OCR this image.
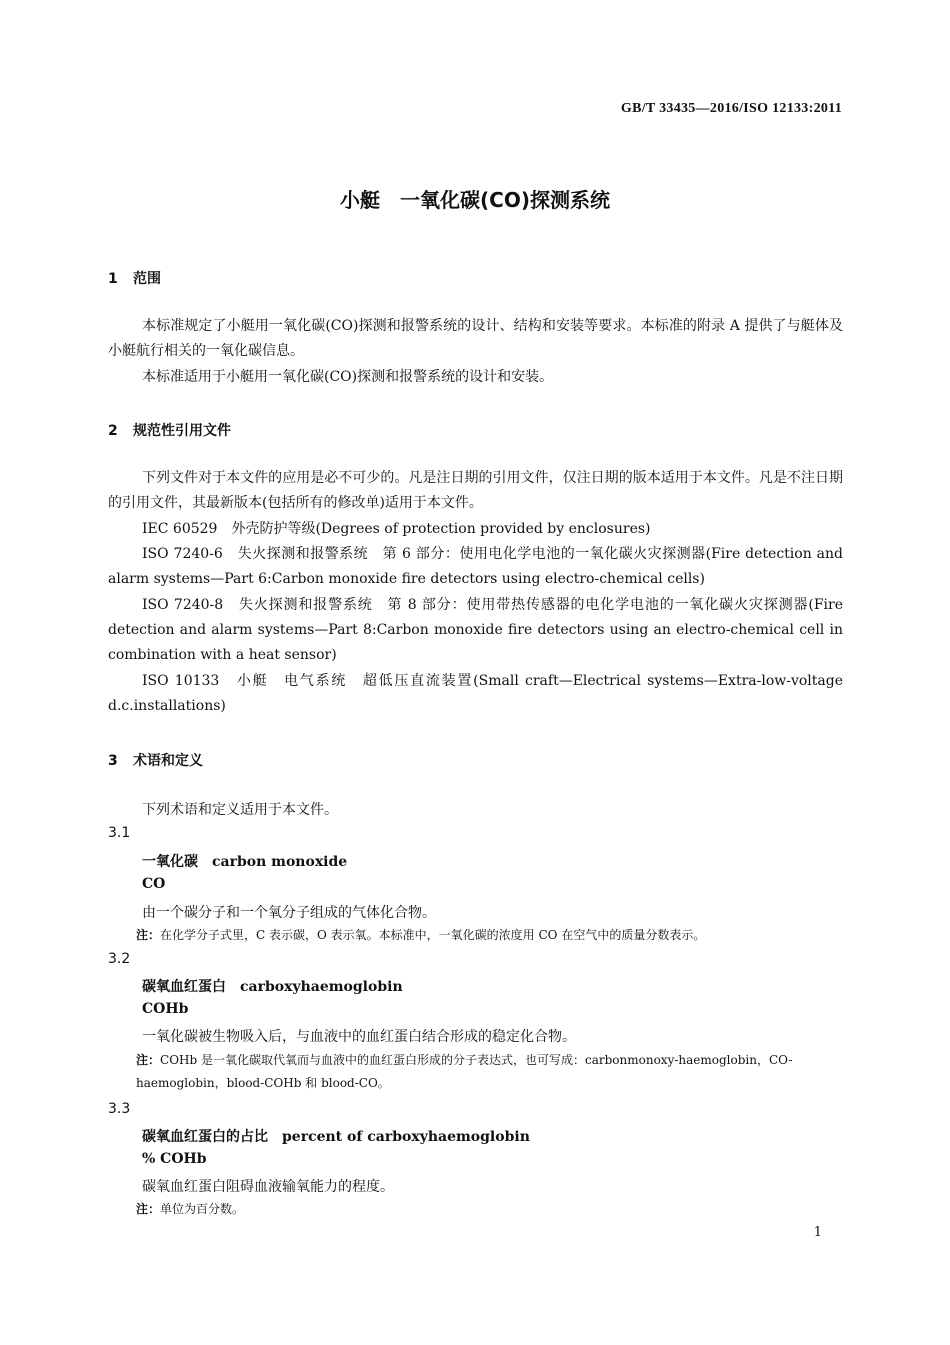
GB/T 33435—2016/ISO 12133:2011
小艇　一氧化碳(CO)探测系统
1 范围
本标准规定了小艇用一氧化碳(CO)探测和报警系统的设计、结构和安装等要求。本标准的附录 A 提供了与艇体及小艇航行相关的一氧化碳信息。
本标准适用于小艇用一氧化碳(CO)探测和报警系统的设计和安装。
2 规范性引用文件
下列文件对于本文件的应用是必不可少的。凡是注日期的引用文件，仅注日期的版本适用于本文件。凡是不注日期的引用文件，其最新版本(包括所有的修改单)适用于本文件。
IEC 60529　外壳防护等级(Degrees of protection provided by enclosures)
ISO 7240-6　失火探测和报警系统　第 6 部分：使用电化学电池的一氧化碳火灾探测器(Fire detection and alarm systems—Part 6:Carbon monoxide fire detectors using electro-chemical cells)
ISO 7240-8　失火探测和报警系统　第 8 部分：使用带热传感器的电化学电池的一氧化碳火灾探测器(Fire detection and alarm systems—Part 8:Carbon monoxide fire detectors using an electro-chemical cell in combination with a heat sensor)
ISO 10133　小艇　电气系统　超低压直流装置(Small craft—Electrical systems—Extra-low-voltage d.c.installations)
3 术语和定义
下列术语和定义适用于本文件。
3.1
一氧化碳　carbon monoxide
CO
由一个碳分子和一个氧分子组成的气体化合物。
注：在化学分子式里，C 表示碳，O 表示氧。本标准中，一氧化碳的浓度用 CO 在空气中的质量分数表示。
3.2
碳氧血红蛋白　carboxyhaemoglobin
COHb
一氧化碳被生物吸入后，与血液中的血红蛋白结合形成的稳定化合物。
注：COHb 是一氧化碳取代氧而与血液中的血红蛋白形成的分子表达式，也可写成：carbonmonoxy-haemoglobin，CO-haemoglobin，blood-COHb 和 blood-CO。
3.3
碳氧血红蛋白的占比　percent of carboxyhaemoglobin
% COHb
碳氧血红蛋白阻碍血液输氧能力的程度。
注：单位为百分数。
1
